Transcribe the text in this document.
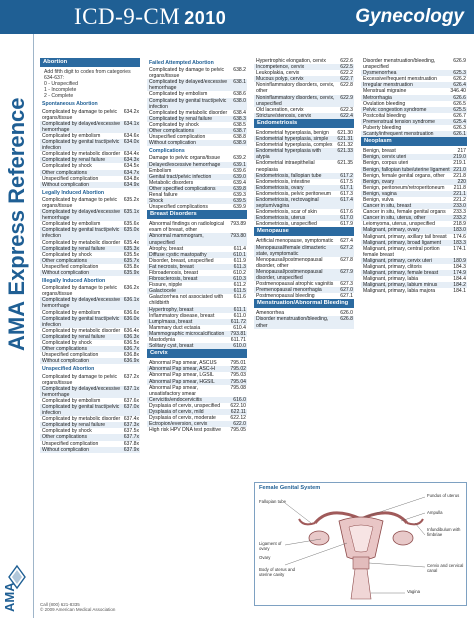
ICD-9-CM 2010	Gynecology
AMA Express Reference
AMA
Abortion
Add fifth digit to codes from categories 634-637:
0 - Unspecified
1 - Incomplete
2 - Complete
Spontaneous Abortion
Complicated by damage to pelvic organs/tissue
634.2x
Complicated by delayed/excessive hemorrhage
634.1x
Complicated by embolism	634.6x
Complicated by genital tract/pelvic infection
634.0x
Complicated by metabolic disorder 634.4x
Complicated by renal failure	634.3x
Complicated by shock	634.5x
Other complications	634.7x
Unspecified complication	634.8x
Without complication	634.9x
Legally Induced Abortion
Complicated by damage to pelvic organs/tissue
635.2x
Complicated by delayed/excessive hemorrhage
635.1x
Complicated by embolism	635.6x
Complicated by genital tract/pelvic infection
635.0x
Complicated by metabolic disorder 635.4x
Complicated by renal failure	635.3x
Complicated by shock	635.5x
Other complications	635.7x
Unspecified complication	635.8x
Without complication	635.9x
Illegally Induced Abortion
Complicated by damage to pelvic organs/tissue
636.2x
Complicated by delayed/excessive hemorrhage
636.1x
Complicated by embolism	636.6x
Complicated by genital tract/pelvic infection
636.0x
Complicated by metabolic disorder 636.4x
Complicated by renal failure	636.3x
Complicated by shock	636.5x
Other complications	636.7x
Unspecified complication	636.8x
Without complication	636.9x
Unspecified Abortion
Complicated by damage to pelvic organs/tissue
637.2x
Complicated by delayed/excessive hemorrhage
637.1x
Complicated by embolism	637.6x
Complicated by genital tract/pelvic infection
637.0x
Complicated by metabolic disorder 637.4x
Complicated by renal failure	637.3x
Complicated by shock	637.5x
Other complications	637.7x
Unspecified complication	637.8x
Without complication	637.9x
Failed Attempted Abortion
Complicated by damage to pelvic organs/tissue
638.2
Complicated by delayed/excessive hemorrhage
638.1
Complicated by embolism	638.6
Complicated by genital tract/pelvic infection
638.0
Complicated by metabolic disorder	638.4
Complicated by renal failure	638.3
Complicated by shock	638.5
Other complications	638.7
Unspecified complication	638.8
Without complication	638.9
Complications
Damage to pelvic organs/tissue	639.2
Delayed/excessive hemorrhage	639.1
Embolism	639.6
Genital tract/pelvic infection	639.0
Metabolic disorders	639.4
Other specified complications	639.8
Renal failure	639.3
Shock	639.5
Unspecified complications	639.9
Breast Disorders
Abnormal findings on radiological exam of breast, other
793.89
Abnormal mammogram, unspecified
793.80
Atrophy, breast	611.4
Diffuse cystic mastopathy	610.1
Disorder, breast, unspecified	611.9
Fat necrosis, breast	611.3
Fibroadenosis, breast	610.2
Fibrosclerosis, breast	610.3
Fissure, nipple	611.2
Galactocele	611.5
Galactorrhea not associated with childbirth
611.6
Hypertrophy, breast	611.1
Inflammatory disease, breast	611.0
Lump/mass, breast	611.72
Mammary duct ectasia	610.4
Mammographic microcalcification	793.81
Mastodynia	611.71
Solitary cyst, breast	610.0
Cervix
Abnormal Pap smear, ASCUS	795.01
Abnormal Pap smear, ASC-H	795.02
Abnormal Pap smear, LGSIL	795.03
Abnormal Pap smear, HGSIL	795.04
Abnormal Pap smear, unsatisfactory smear
795.08
Cervicitis/endocervicitis	616.0
Dysplasia of cervix, unspecified	622.10
Dysplasia of cervix, mild	622.11
Dysplasia of cervix, moderate	622.12
Ectropion/eversion, cervix	622.0
High risk HPV DNA test positive	795.05
Hypertrophic elongation, cervix	622.6
Incompetence, cervix	622.5
Leukoplakia, cervix	622.2
Mucous polyp, cervix	622.7
Noninflammatory disorders, cervix, other
622.8
Noninflammatory disorders, cervix, unspecified
622.9
Old laceration, cervix	622.3
Stricture/stenosis, cervix	622.4
Endometriosis
Endometrial hyperplasia, benign	621.30
Endometrial hyperplasia, simple	621.31
Endometrial hyperplasia, complex 621.32
Endometrial hyperplasia with atypia
621.33
Endometrial intraepithelial neoplasia
621.35
Endometriosis, fallopian tube	617.2
Endometriosis, intestine	617.5
Endometriosis, ovary	617.1
Endometriosis, pelvic peritoneum	617.3
Endometriosis, rectovaginal septum/vagina
617.4
Endometriosis, scar of skin	617.6
Endometriosis, uterus	617.0
Endometriosis, unspecified	617.9
Menopause
Artificial menopause, symptomatic	627.4
Menopausal/female climacteric state, symptomatic
627.2
Menopausal/postmenopausal disorder, other
627.8
Menopausal/postmenopausal disorder, unspecified
627.9
Postmenopausal atrophic vaginitis	627.3
Premenopausal menorrhagia	627.0
Postmenopausal bleeding	627.1
Menstruation/Abnormal Bleeding
Amenorrhea	626.0
Disorder menstruation/bleeding, other
626.8
Disorder menstruation/bleeding, unspecified
626.9
Dysmenorrhea	625.3
Excessive/frequent menstruation	626.2
Irregular menstruation	626.4
Menstrual migraine	346.40
Metrorrhagia	626.6
Ovulation bleeding	626.5
Pelvic congestion syndrome	625.5
Postcoital bleeding	626.7
Premenstrual tension syndrome	625.4
Puberty bleeding	626.3
Scanty/infrequent menstruation	626.1
Neoplasm
Benign, breast	217
Benign, cervix uteri	219.0
Benign, corpus uteri	219.1
Benign, fallopian tube/uterine ligament 221.0
Benign, female genital organs, other	221.8
Benign, ovary	220
Benign, peritoneum/retroperitoneum	211.8
Benign, vagina	221.1
Benign, vulva	221.2
Cancer in situ, breast	233.0
Cancer in situ, female genital organs	233.3
Cancer in situ, uterus, other	233.2
Leiomyoma, uterus, unspecified	218.9
Malignant, primary, ovary	183.0
Malignant, primary, axillary tail breast	174.6
Malignant, primary, broad ligament	183.3
Malignant, primary, central portion female breast
174.1
Malignant, primary, cervix uteri	180.9
Malignant, primary, clitoris	184.3
Malignant, primary, female breast	174.9
Malignant, primary, labia	184.4
Malignant, primary, labium minus	184.2
Malignant, primary, labia majora	184.1
Female Genital System
Fallopian tube
Ligament of ovary
Ovary
Body of uterus and uterine cavity
Vagina
Fundus of uterus
Ampulla
Infundibulum with fimbriae
Cervix and cervical canal
Call (800) 621-8335
© 2009 American Medical Association
